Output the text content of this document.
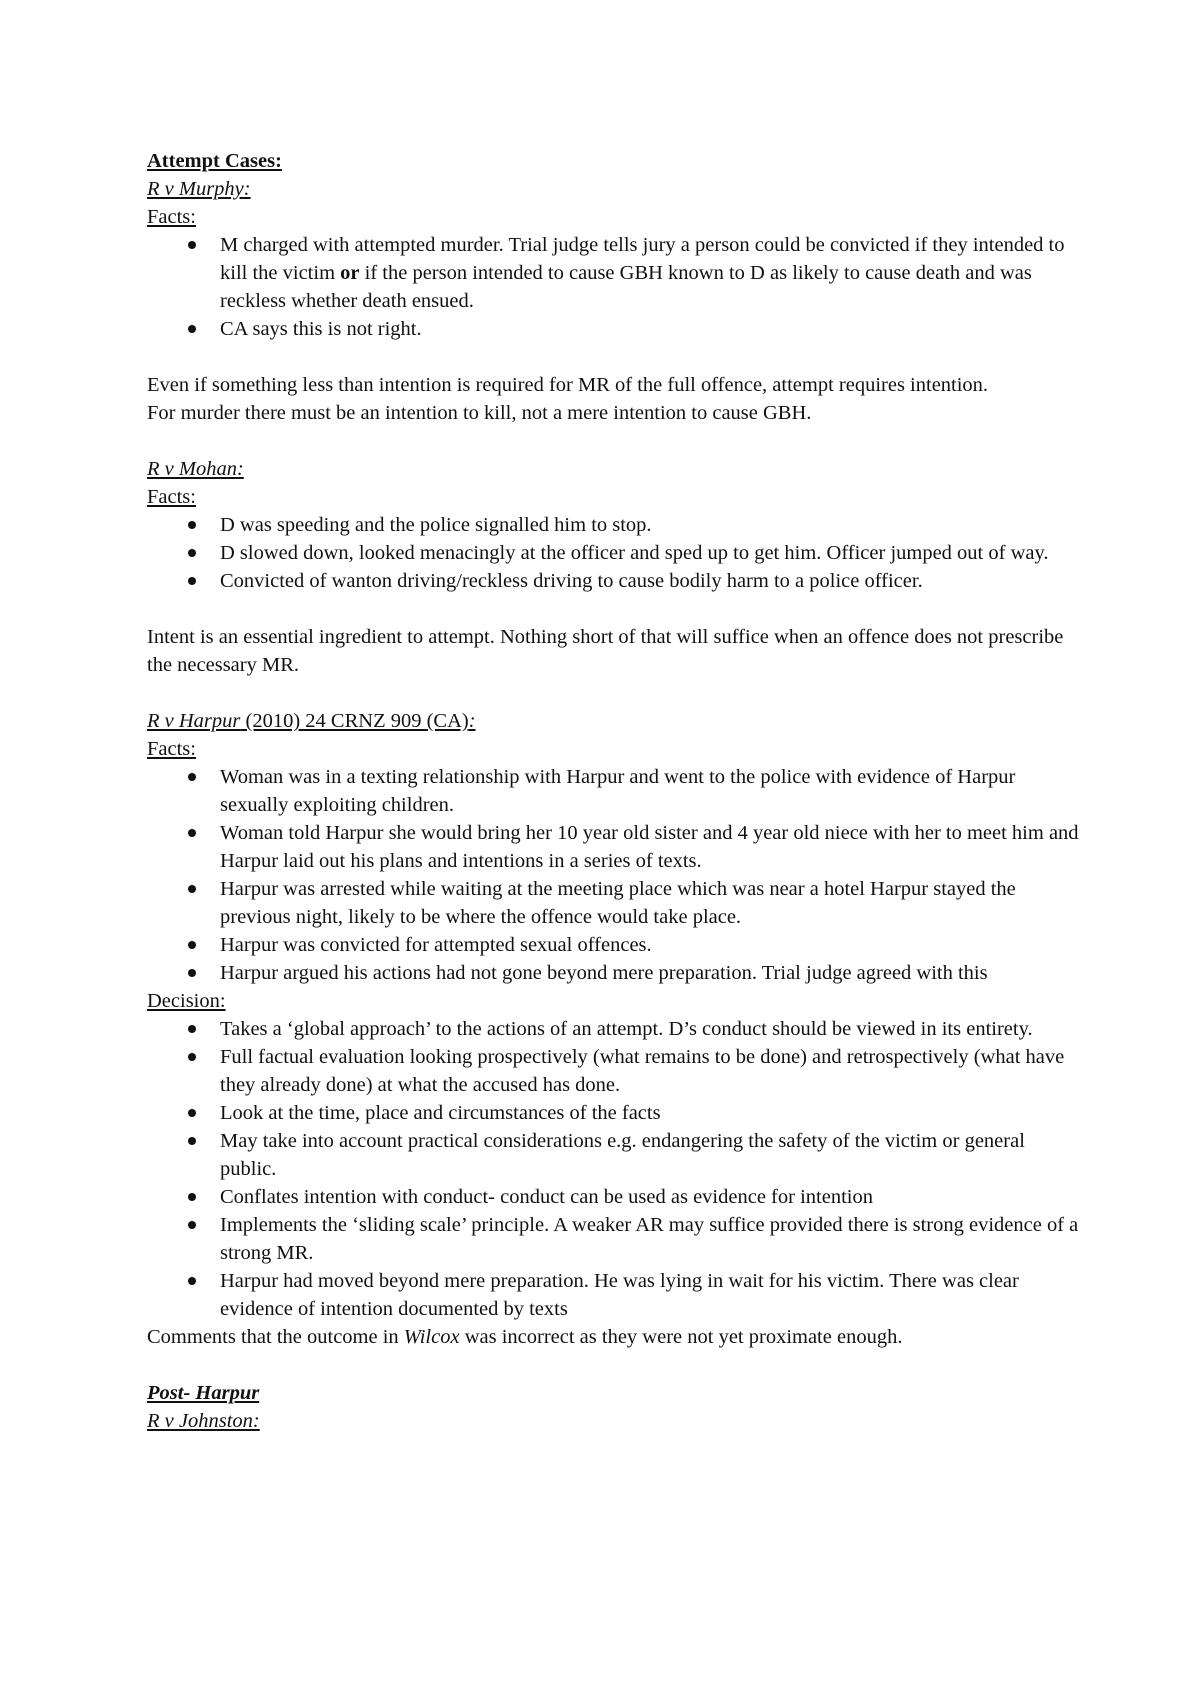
Attempt Cases:
R v Murphy:
Facts:
M charged with attempted murder. Trial judge tells jury a person could be convicted if they intended to kill the victim or if the person intended to cause GBH known to D as likely to cause death and was reckless whether death ensued.
CA says this is not right.
Even if something less than intention is required for MR of the full offence, attempt requires intention.
For murder there must be an intention to kill, not a mere intention to cause GBH.
R v Mohan:
Facts:
D was speeding and the police signalled him to stop.
D slowed down, looked menacingly at the officer and sped up to get him. Officer jumped out of way.
Convicted of wanton driving/reckless driving to cause bodily harm to a police officer.
Intent is an essential ingredient to attempt. Nothing short of that will suffice when an offence does not prescribe the necessary MR.
R v Harpur (2010) 24 CRNZ 909 (CA):
Facts:
Woman was in a texting relationship with Harpur and went to the police with evidence of Harpur sexually exploiting children.
Woman told Harpur she would bring her 10 year old sister and 4 year old niece with her to meet him and Harpur laid out his plans and intentions in a series of texts.
Harpur was arrested while waiting at the meeting place which was near a hotel Harpur stayed the previous night, likely to be where the offence would take place.
Harpur was convicted for attempted sexual offences.
Harpur argued his actions had not gone beyond mere preparation. Trial judge agreed with this
Decision:
Takes a ‘global approach’ to the actions of an attempt. D’s conduct should be viewed in its entirety.
Full factual evaluation looking prospectively (what remains to be done) and retrospectively (what have they already done) at what the accused has done.
Look at the time, place and circumstances of the facts
May take into account practical considerations e.g. endangering the safety of the victim or general public.
Conflates intention with conduct- conduct can be used as evidence for intention
Implements the ‘sliding scale’ principle. A weaker AR may suffice provided there is strong evidence of a strong MR.
Harpur had moved beyond mere preparation. He was lying in wait for his victim. There was clear evidence of intention documented by texts
Comments that the outcome in Wilcox was incorrect as they were not yet proximate enough.
Post- Harpur
R v Johnston:
